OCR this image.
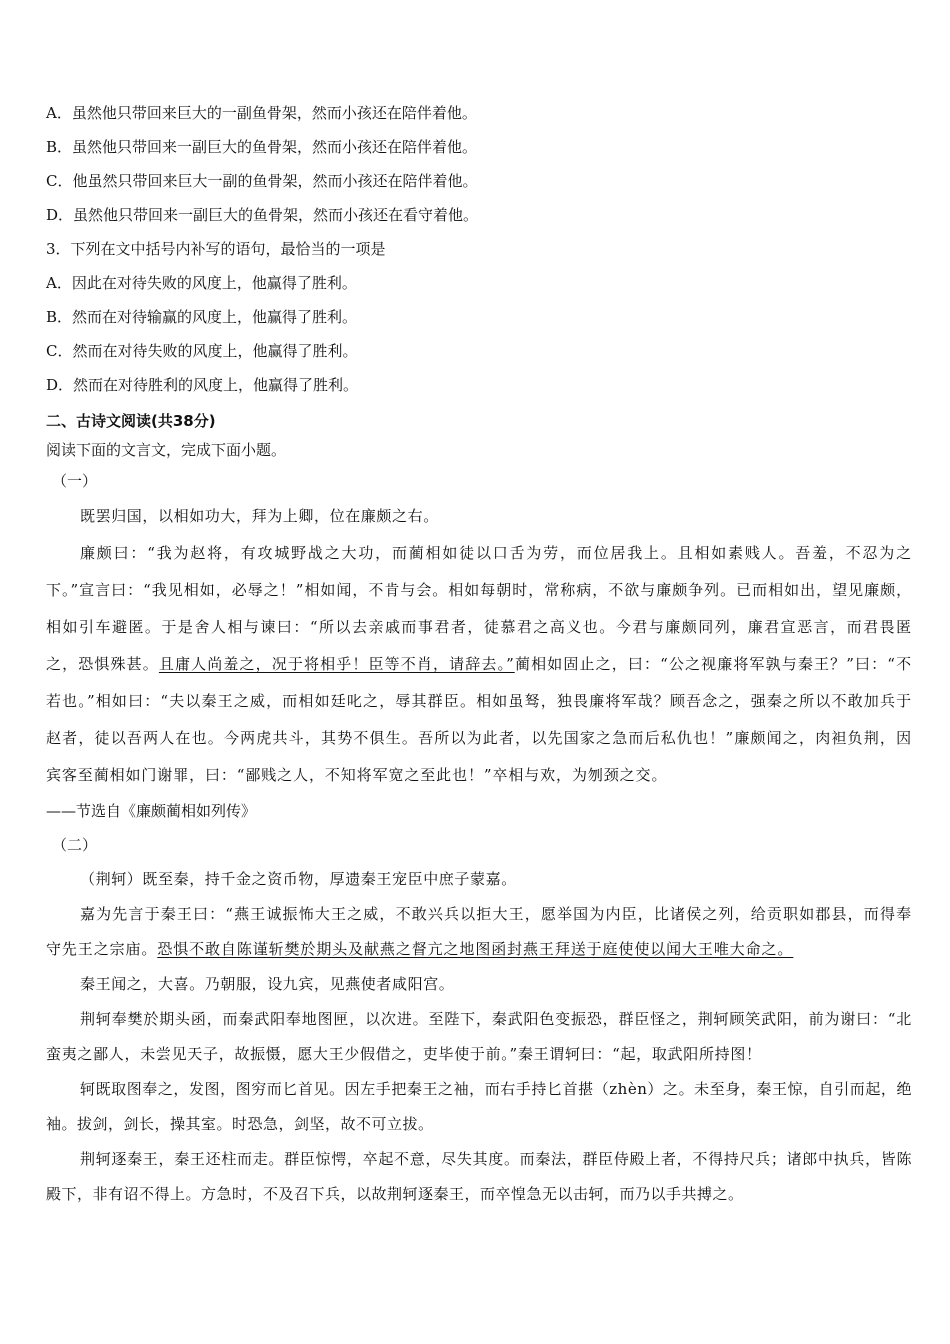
A．虽然他只带回来巨大的一副鱼骨架，然而小孩还在陪伴着他。
B．虽然他只带回来一副巨大的鱼骨架，然而小孩还在陪伴着他。
C．他虽然只带回来巨大一副的鱼骨架，然而小孩还在陪伴着他。
D．虽然他只带回来一副巨大的鱼骨架，然而小孩还在看守着他。
3．下列在文中括号内补写的语句，最恰当的一项是
A．因此在对待失败的风度上，他赢得了胜利。
B．然而在对待输赢的风度上，他赢得了胜利。
C．然而在对待失败的风度上，他赢得了胜利。
D．然而在对待胜利的风度上，他赢得了胜利。
二、古诗文阅读(共38分)
阅读下面的文言文，完成下面小题。
（一）
既罢归国，以相如功大，拜为上卿，位在廉颇之右。
廉颇曰：“我为赵将，有攻城野战之大功，而蔺相如徒以口舌为劳，而位居我上。且相如素贱人。吾羞，不忍为之下。”宣言曰：“我见相如，必辱之！”相如闻，不肯与会。相如每朝时，常称病，不欲与廉颇争列。已而相如出，望见廉颇，相如引车避匿。于是舍人相与谏曰：“所以去亲戚而事君者，徒慕君之高义也。今君与廉颇同列，廉君宣恶言，而君畏匿之，恐惧殊甚。且庸人尚羞之，况于将相乎！臣等不肖，请辞去。”蔺相如固止之，曰：“公之视廉将军孰与秦王？”曰：“不若也。”相如曰：“夫以秦王之威，而相如廷叱之，辱其群臣。相如虽驽，独畏廉将军哉？顾吾念之，强秦之所以不敢加兵于赵者，徒以吾两人在也。今两虎共斗，其势不俱生。吾所以为此者，以先国家之急而后私仇也！”廉颇闻之，肉袒负荆，因宾客至蔺相如门谢罪，曰：“鄙贱之人，不知将军宽之至此也！”卒相与欢，为刎颈之交。
——节选自《廉颇蔺相如列传》
（二）
（荆轲）既至秦，持千金之资币物，厚遗秦王宠臣中庶子蒙嘉。
嘉为先言于秦王曰：“燕王诚振怖大王之威，不敢兴兵以拒大王，愿举国为内臣，比诸侯之列，给贡职如郡县，而得奉守先王之宗庙。恐惧不敢自陈谨斩樊於期头及献燕之督亢之地图函封燕王拜送于庭使使以闻大王唯大命之。
秦王闻之，大喜。乃朝服，设九宾，见燕使者咸阳宫。
荆轲奉樊於期头函，而秦武阳奉地图匣，以次进。至陛下，秦武阳色变振恐，群臣怪之，荆轲顾笑武阳，前为谢曰：“北蛮夷之鄙人，未尝见天子，故振慑，愿大王少假借之，吏毕使于前。”秦王谓轲曰：“起，取武阳所持图！
轲既取图奉之，发图，图穷而匕首见。因左手把秦王之袖，而右手持匕首揕（zhèn）之。未至身，秦王惊，自引而起，绝袖。拔剑，剑长，操其室。时恐急，剑坚，故不可立拔。
荆轲逐秦王，秦王还柱而走。群臣惊愕，卒起不意，尽失其度。而秦法，群臣侍殿上者，不得持尺兵；诸郎中执兵，皆陈殿下，非有诏不得上。方急时，不及召下兵，以故荆轲逐秦王，而卒惶急无以击轲，而乃以手共搏之。
